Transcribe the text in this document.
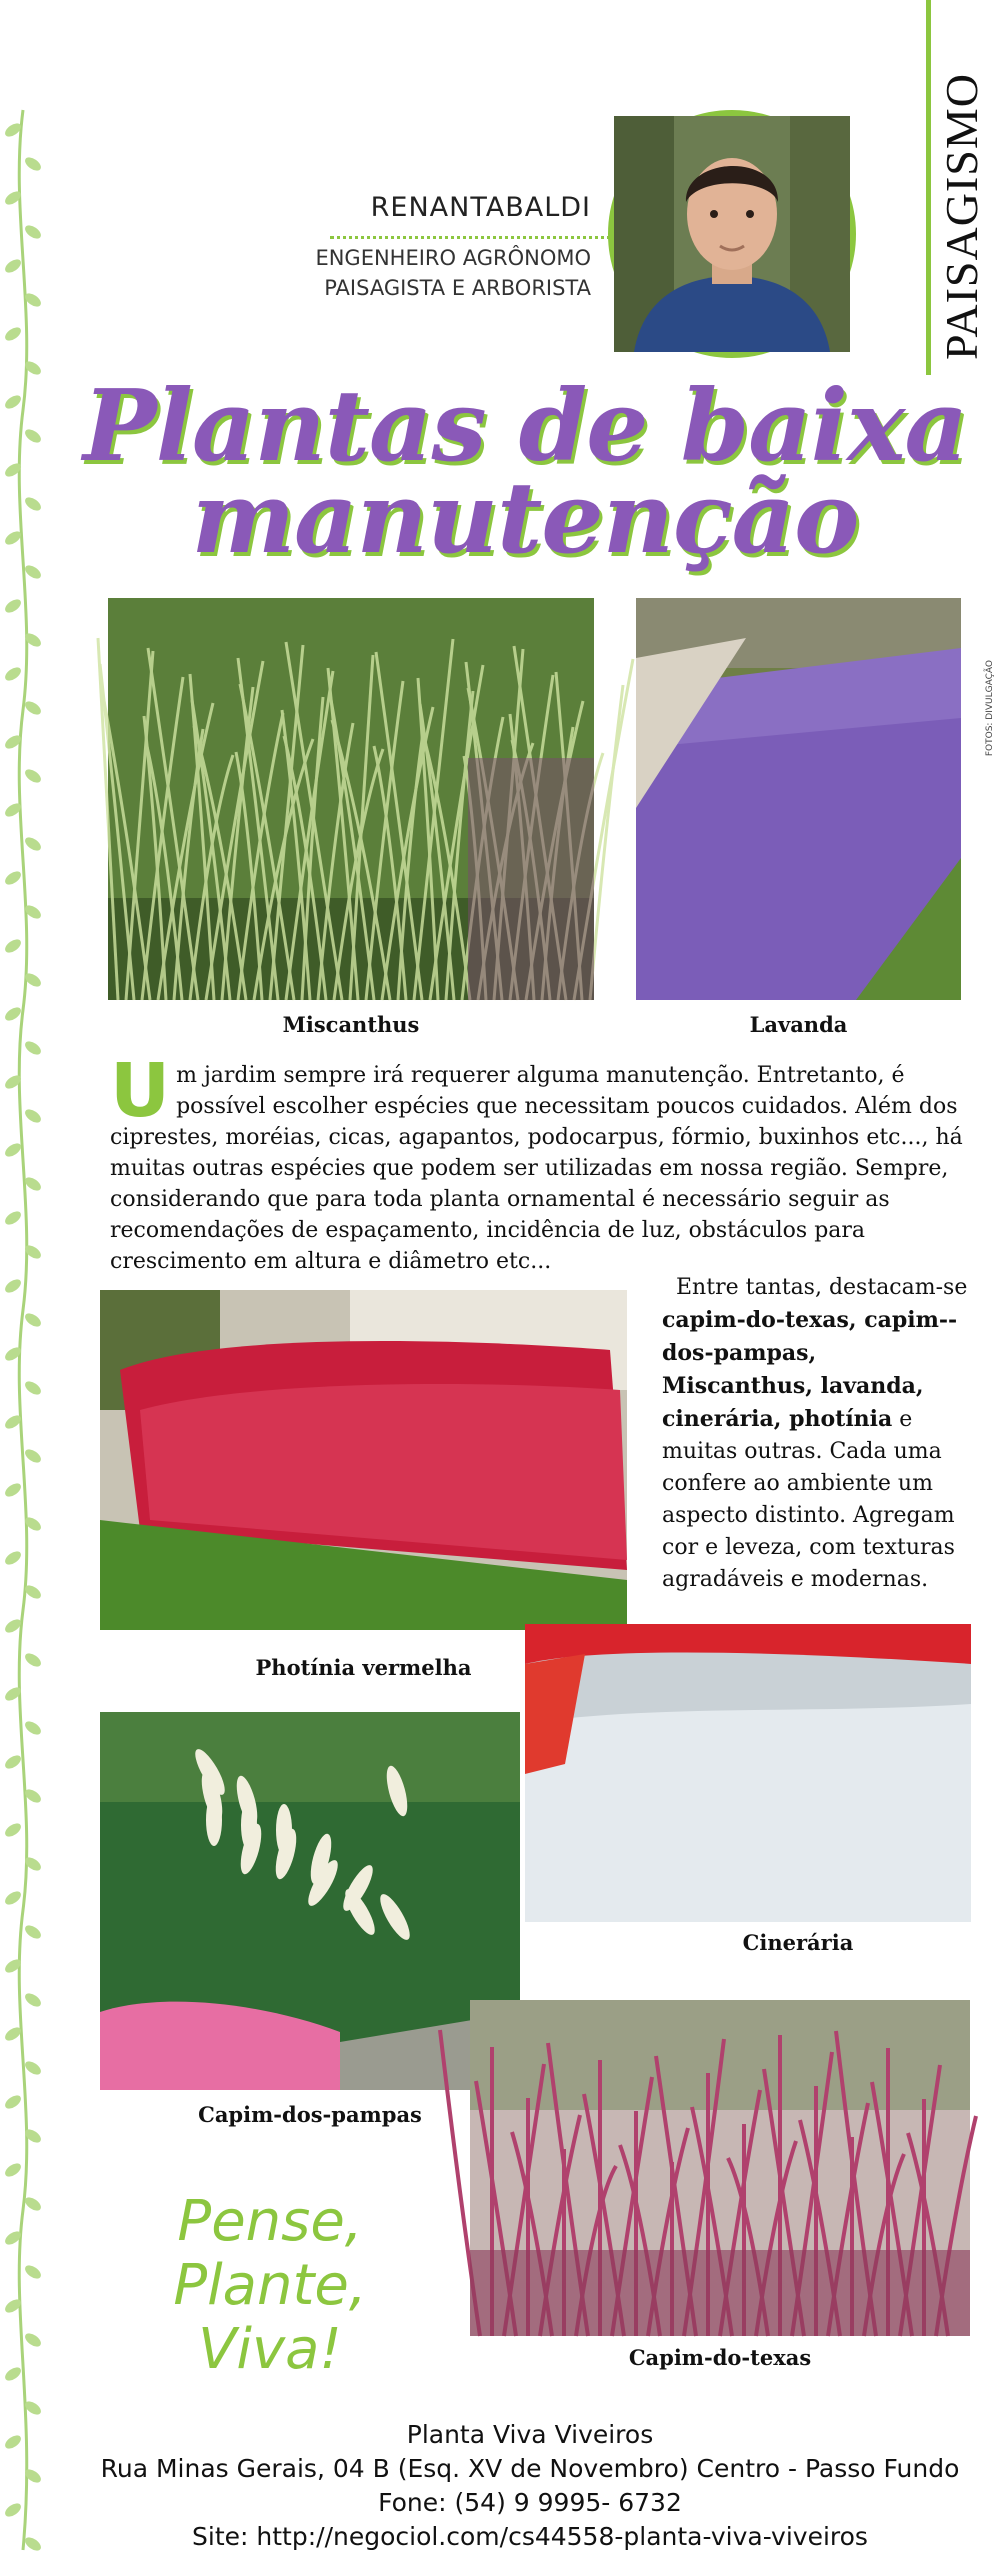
PAISAGISMO
FOTOS: DIVULGAÇÃO
RENANTABALDI
ENGENHEIRO AGRÔNOMO
PAISAGISTA E ARBORISTA
Plantas de baixa
manutenção
Miscanthus	Lavanda
Um jardim sempre irá requerer alguma manutenção. Entretanto, é possível escolher espécies que necessitam poucos cuidados. Além dos ciprestes, moréias, cicas, agapantos, podocarpus, fórmio, buxinhos etc..., há muitas outras espécies que podem ser utilizadas em nossa região. Sempre, considerando que para toda planta ornamental é necessário seguir as recomendações de espaçamento, incidência de luz, obstáculos para crescimento em altura e diâmetro etc...
Photínia vermelha
Entre tantas, destacam-se capim-do-texas, capim--dos-pampas, Miscanthus, lavanda, cinerária, photínia e muitas outras. Cada uma confere ao ambiente um aspecto distinto. Agregam cor e leveza, com texturas agradáveis e modernas.
Cinerária
Capim-dos-pampas
Capim-do-texas
Pense,
Plante,
Viva!
Planta Viva Viveiros
Rua Minas Gerais, 04 B (Esq. XV de Novembro) Centro - Passo Fundo
Fone: (54) 9 9995- 6732
Site: http://negociol.com/cs44558-planta-viva-viveiros
